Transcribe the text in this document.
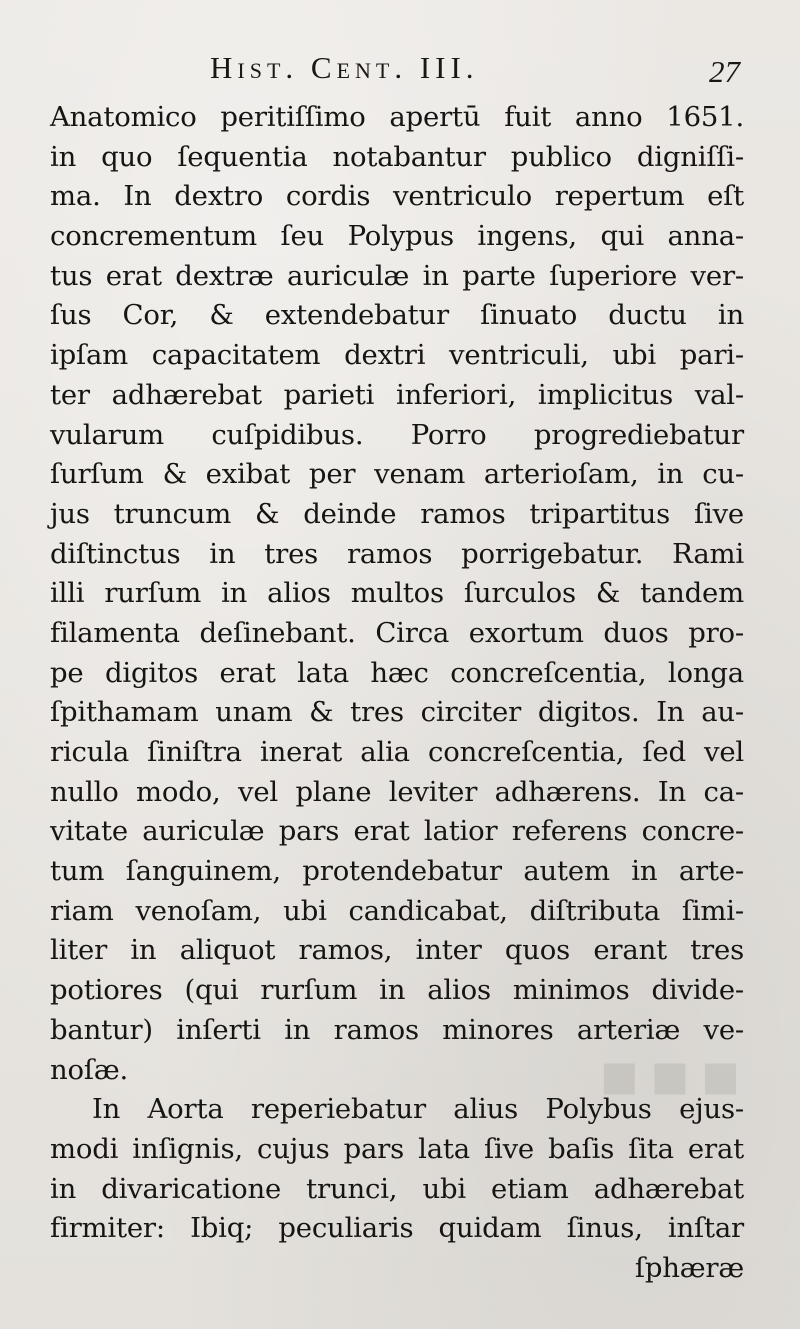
■■■
Hist. Cent. III.	27
Anatomico peritiſſimo apertū fuit anno 1651.
in quo ſequentia notabantur publico digniſſi-
ma. In dextro cordis ventriculo repertum eſt
concrementum ſeu Polypus ingens, qui anna-
tus erat dextræ auriculæ in parte ſuperiore ver-
ſus Cor, & extendebatur ſinuato ductu in
ipſam capacitatem dextri ventriculi, ubi pari-
ter adhærebat parieti inferiori, implicitus val-
vularum cuſpidibus. Porro progrediebatur
ſurſum & exibat per venam arterioſam, in cu-
jus truncum & deinde ramos tripartitus ſive
diſtinctus in tres ramos porrigebatur. Rami
illi rurſum in alios multos ſurculos & tandem
filamenta deſinebant. Circa exortum duos pro-
pe digitos erat lata hæc concreſcentia, longa
ſpithamam unam & tres circiter digitos. In au-
ricula ſiniſtra inerat alia concreſcentia, ſed vel
nullo modo, vel plane leviter adhærens. In ca-
vitate auriculæ pars erat latior referens concre-
tum ſanguinem, protendebatur autem in arte-
riam venoſam, ubi candicabat, diſtributa ſimi-
liter in aliquot ramos, inter quos erant tres
potiores (qui rurſum in alios minimos divide-
bantur) inſerti in ramos minores arteriæ ve-
noſæ.
In Aorta reperiebatur alius Polybus ejus-
modi inſignis, cujus pars lata ſive baſis ſita erat
in divaricatione trunci, ubi etiam adhærebat
firmiter: Ibiq; peculiaris quidam ſinus, inſtar
ſphæræ
